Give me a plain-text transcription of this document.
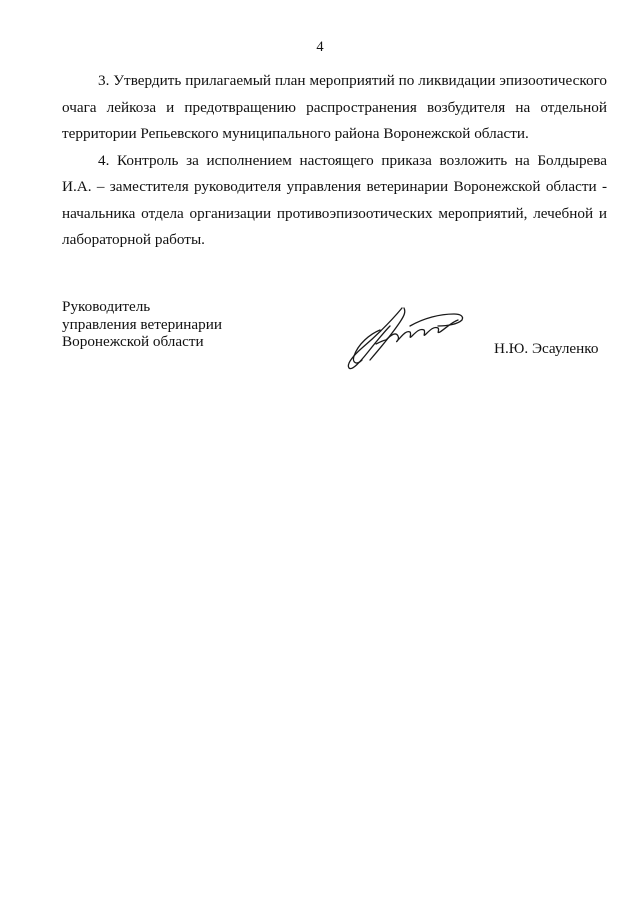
4

3. Утвердить прилагаемый план мероприятий по ликвидации эпизоотического очага лейкоза и предотвращению распространения возбудителя на отдельной территории Репьевского муниципального района Воронежской области.

4. Контроль за исполнением настоящего приказа возложить на Болдырева И.А. – заместителя руководителя управления ветеринарии Воронежской области - начальника отдела организации противоэпизоотических мероприятий, лечебной и лабораторной работы.

Руководитель
управления ветеринарии
Воронежской области	Н.Ю. Эсауленко
